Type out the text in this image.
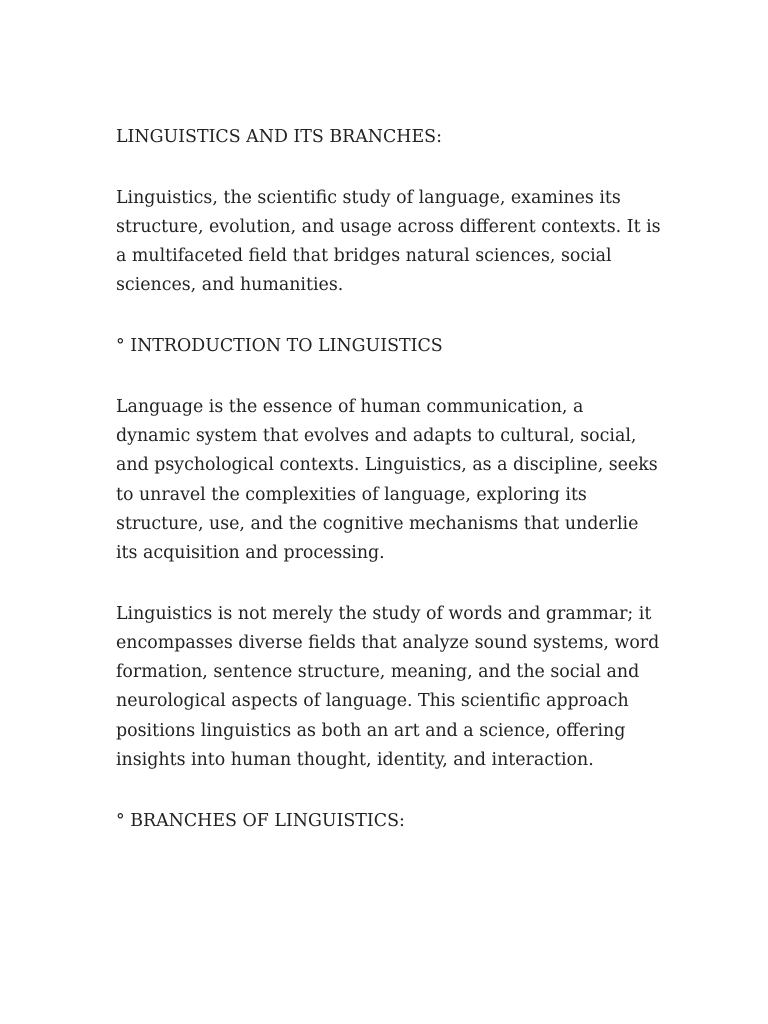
LINGUISTICS AND ITS BRANCHES:

Linguistics, the scientific study of language, examines its structure, evolution, and usage across different contexts. It is a multifaceted field that bridges natural sciences, social sciences, and humanities.

° INTRODUCTION TO LINGUISTICS

Language is the essence of human communication, a dynamic system that evolves and adapts to cultural, social, and psychological contexts. Linguistics, as a discipline, seeks to unravel the complexities of language, exploring its structure, use, and the cognitive mechanisms that underlie its acquisition and processing.

Linguistics is not merely the study of words and grammar; it encompasses diverse fields that analyze sound systems, word formation, sentence structure, meaning, and the social and neurological aspects of language. This scientific approach positions linguistics as both an art and a science, offering insights into human thought, identity, and interaction.

° BRANCHES OF LINGUISTICS:
